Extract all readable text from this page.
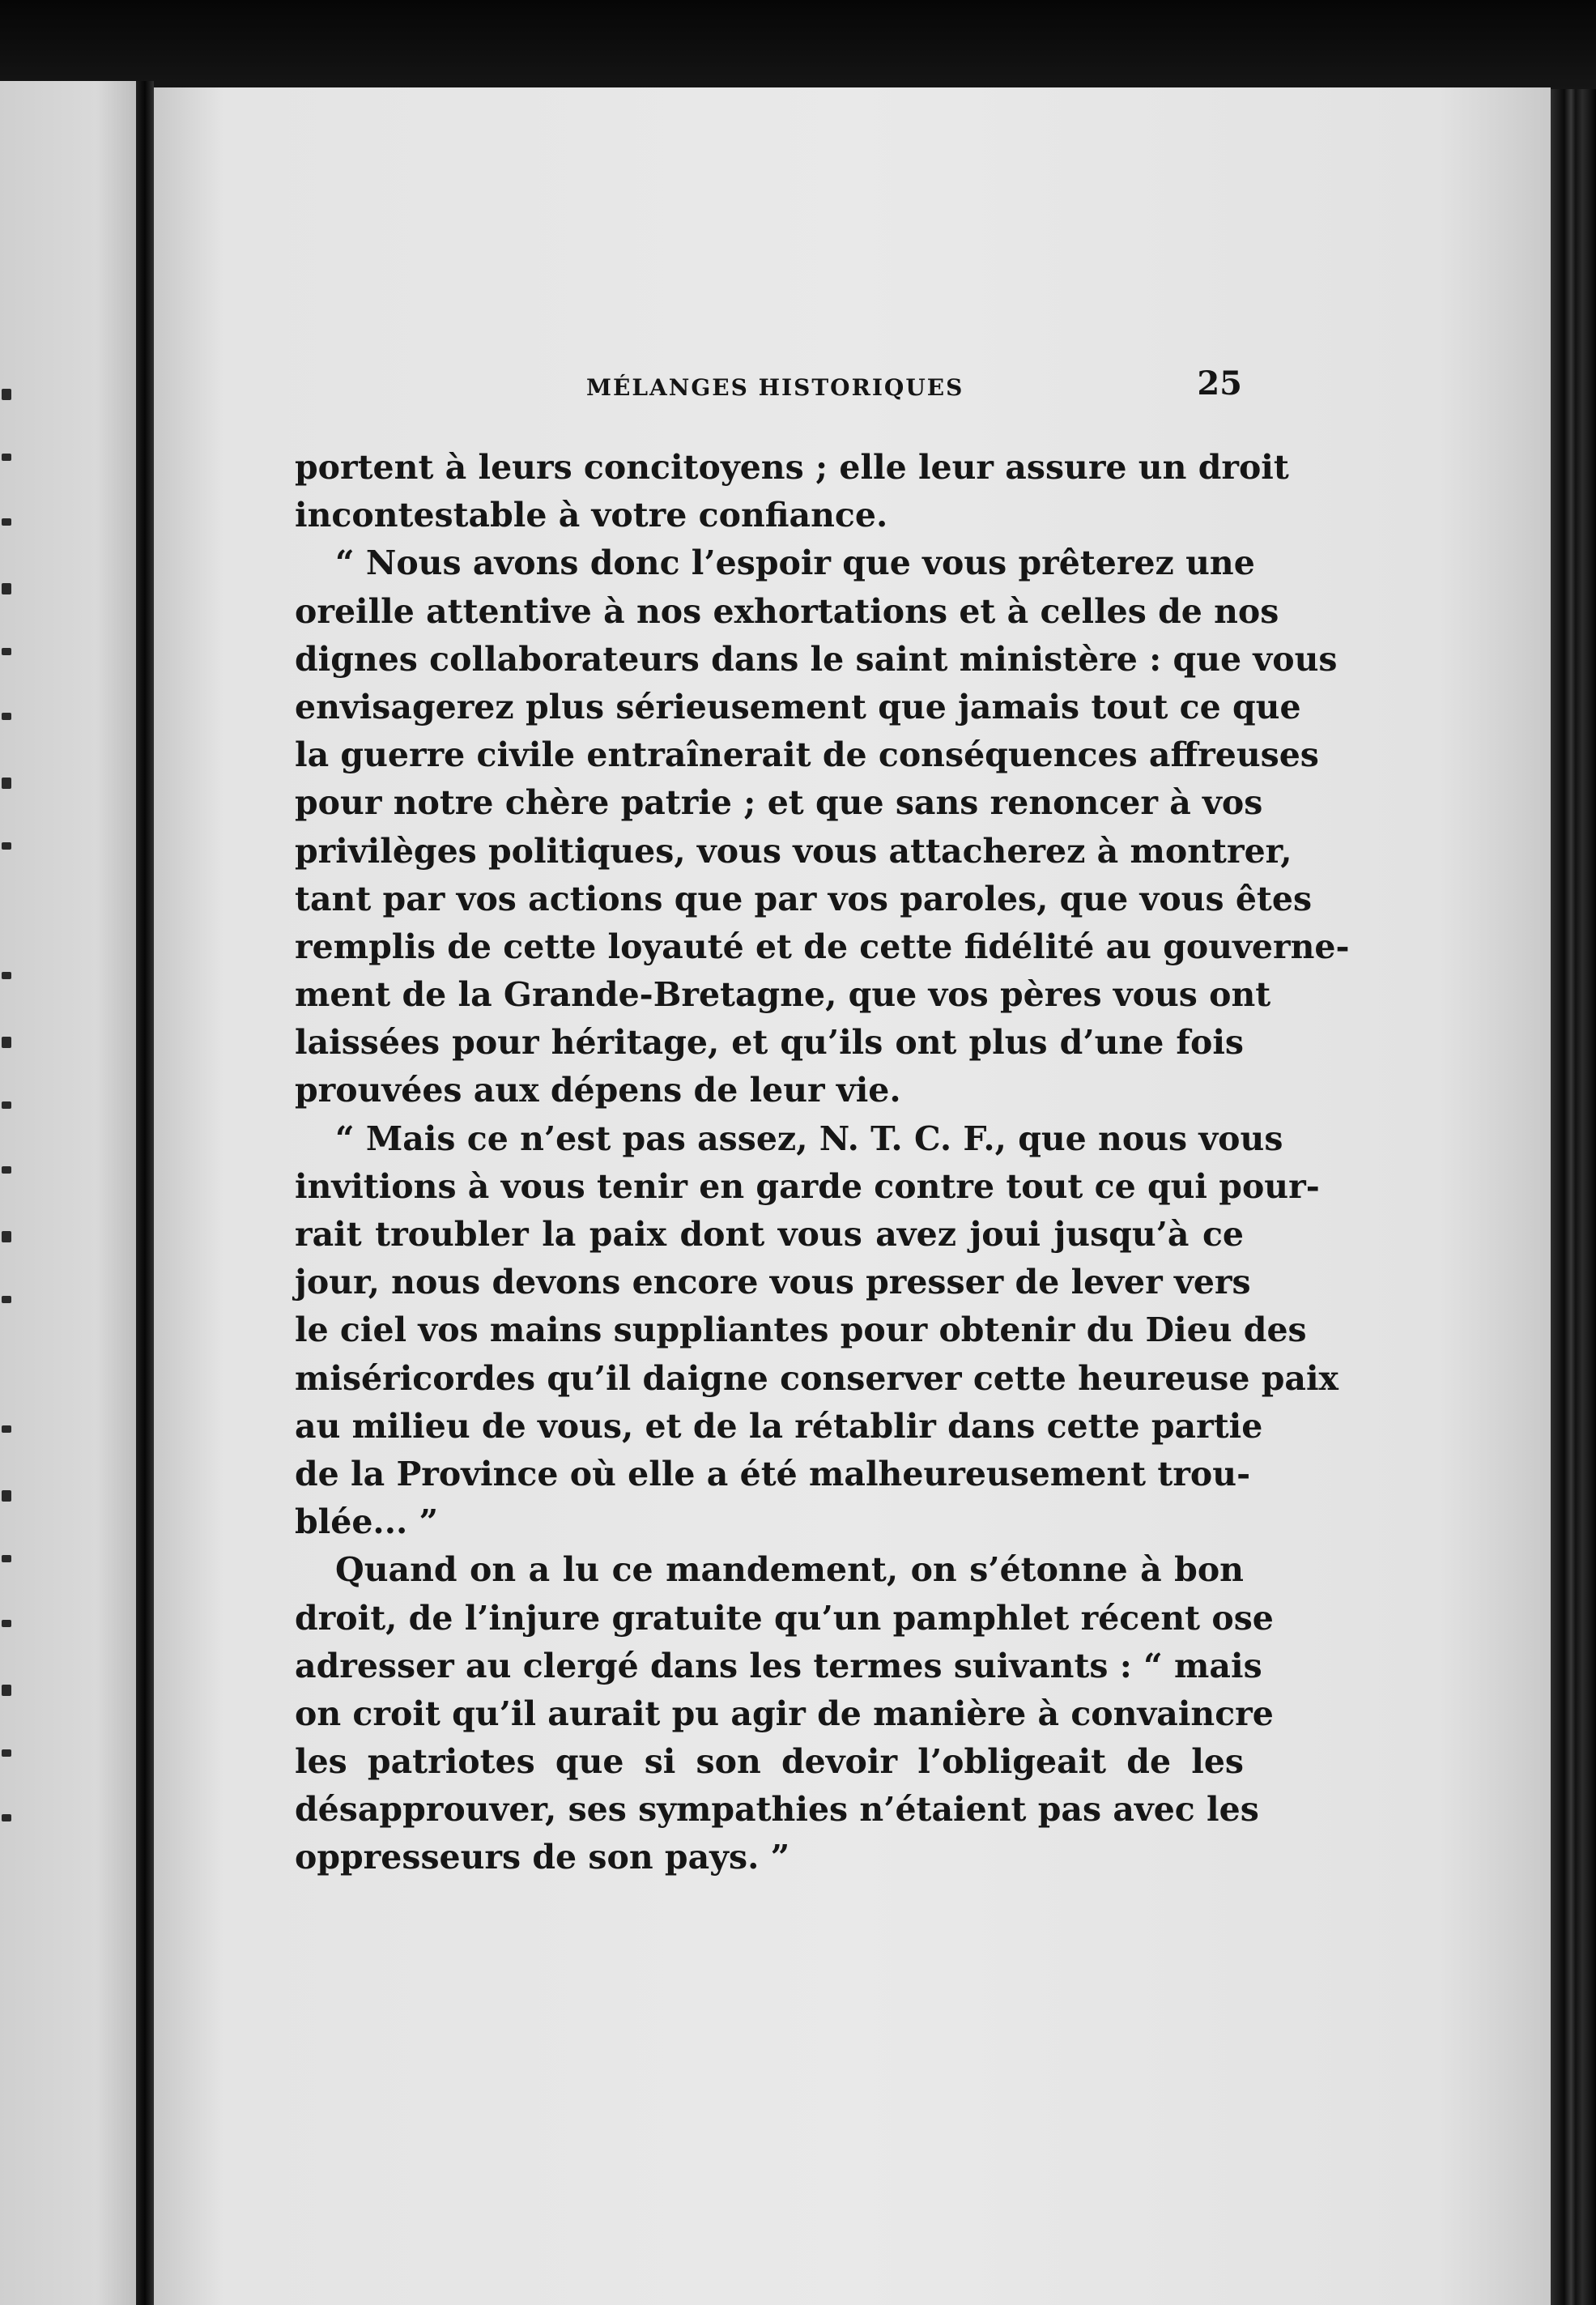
MÉLANGES HISTORIQUES	25
portent à leurs concitoyens ; elle leur assure un droit
incontestable à votre confiance.
“ Nous avons donc l’espoir que vous prêterez une
oreille attentive à nos exhortations et à celles de nos
dignes collaborateurs dans le saint ministère : que vous
envisagerez plus sérieusement que jamais tout ce que
la guerre civile entraînerait de conséquences affreuses
pour notre chère patrie ; et que sans renoncer à vos
privilèges politiques, vous vous attacherez à montrer,
tant par vos actions que par vos paroles, que vous êtes
remplis de cette loyauté et de cette fidélité au gouverne-
ment de la Grande-Bretagne, que vos pères vous ont
laissées pour héritage, et qu’ils ont plus d’une fois
prouvées aux dépens de leur vie.
“ Mais ce n’est pas assez, N. T. C. F., que nous vous
invitions à vous tenir en garde contre tout ce qui pour-
rait troubler la paix dont vous avez joui jusqu’à ce
jour, nous devons encore vous presser de lever vers
le ciel vos mains suppliantes pour obtenir du Dieu des
miséricordes qu’il daigne conserver cette heureuse paix
au milieu de vous, et de la rétablir dans cette partie
de la Province où elle a été malheureusement trou-
blée... ”
Quand on a lu ce mandement, on s’étonne à bon
droit, de l’injure gratuite qu’un pamphlet récent ose
adresser au clergé dans les termes suivants : “ mais
on croit qu’il aurait pu agir de manière à convaincre
les patriotes que si son devoir l’obligeait de les
désapprouver, ses sympathies n’étaient pas avec les
oppresseurs de son pays. ”
